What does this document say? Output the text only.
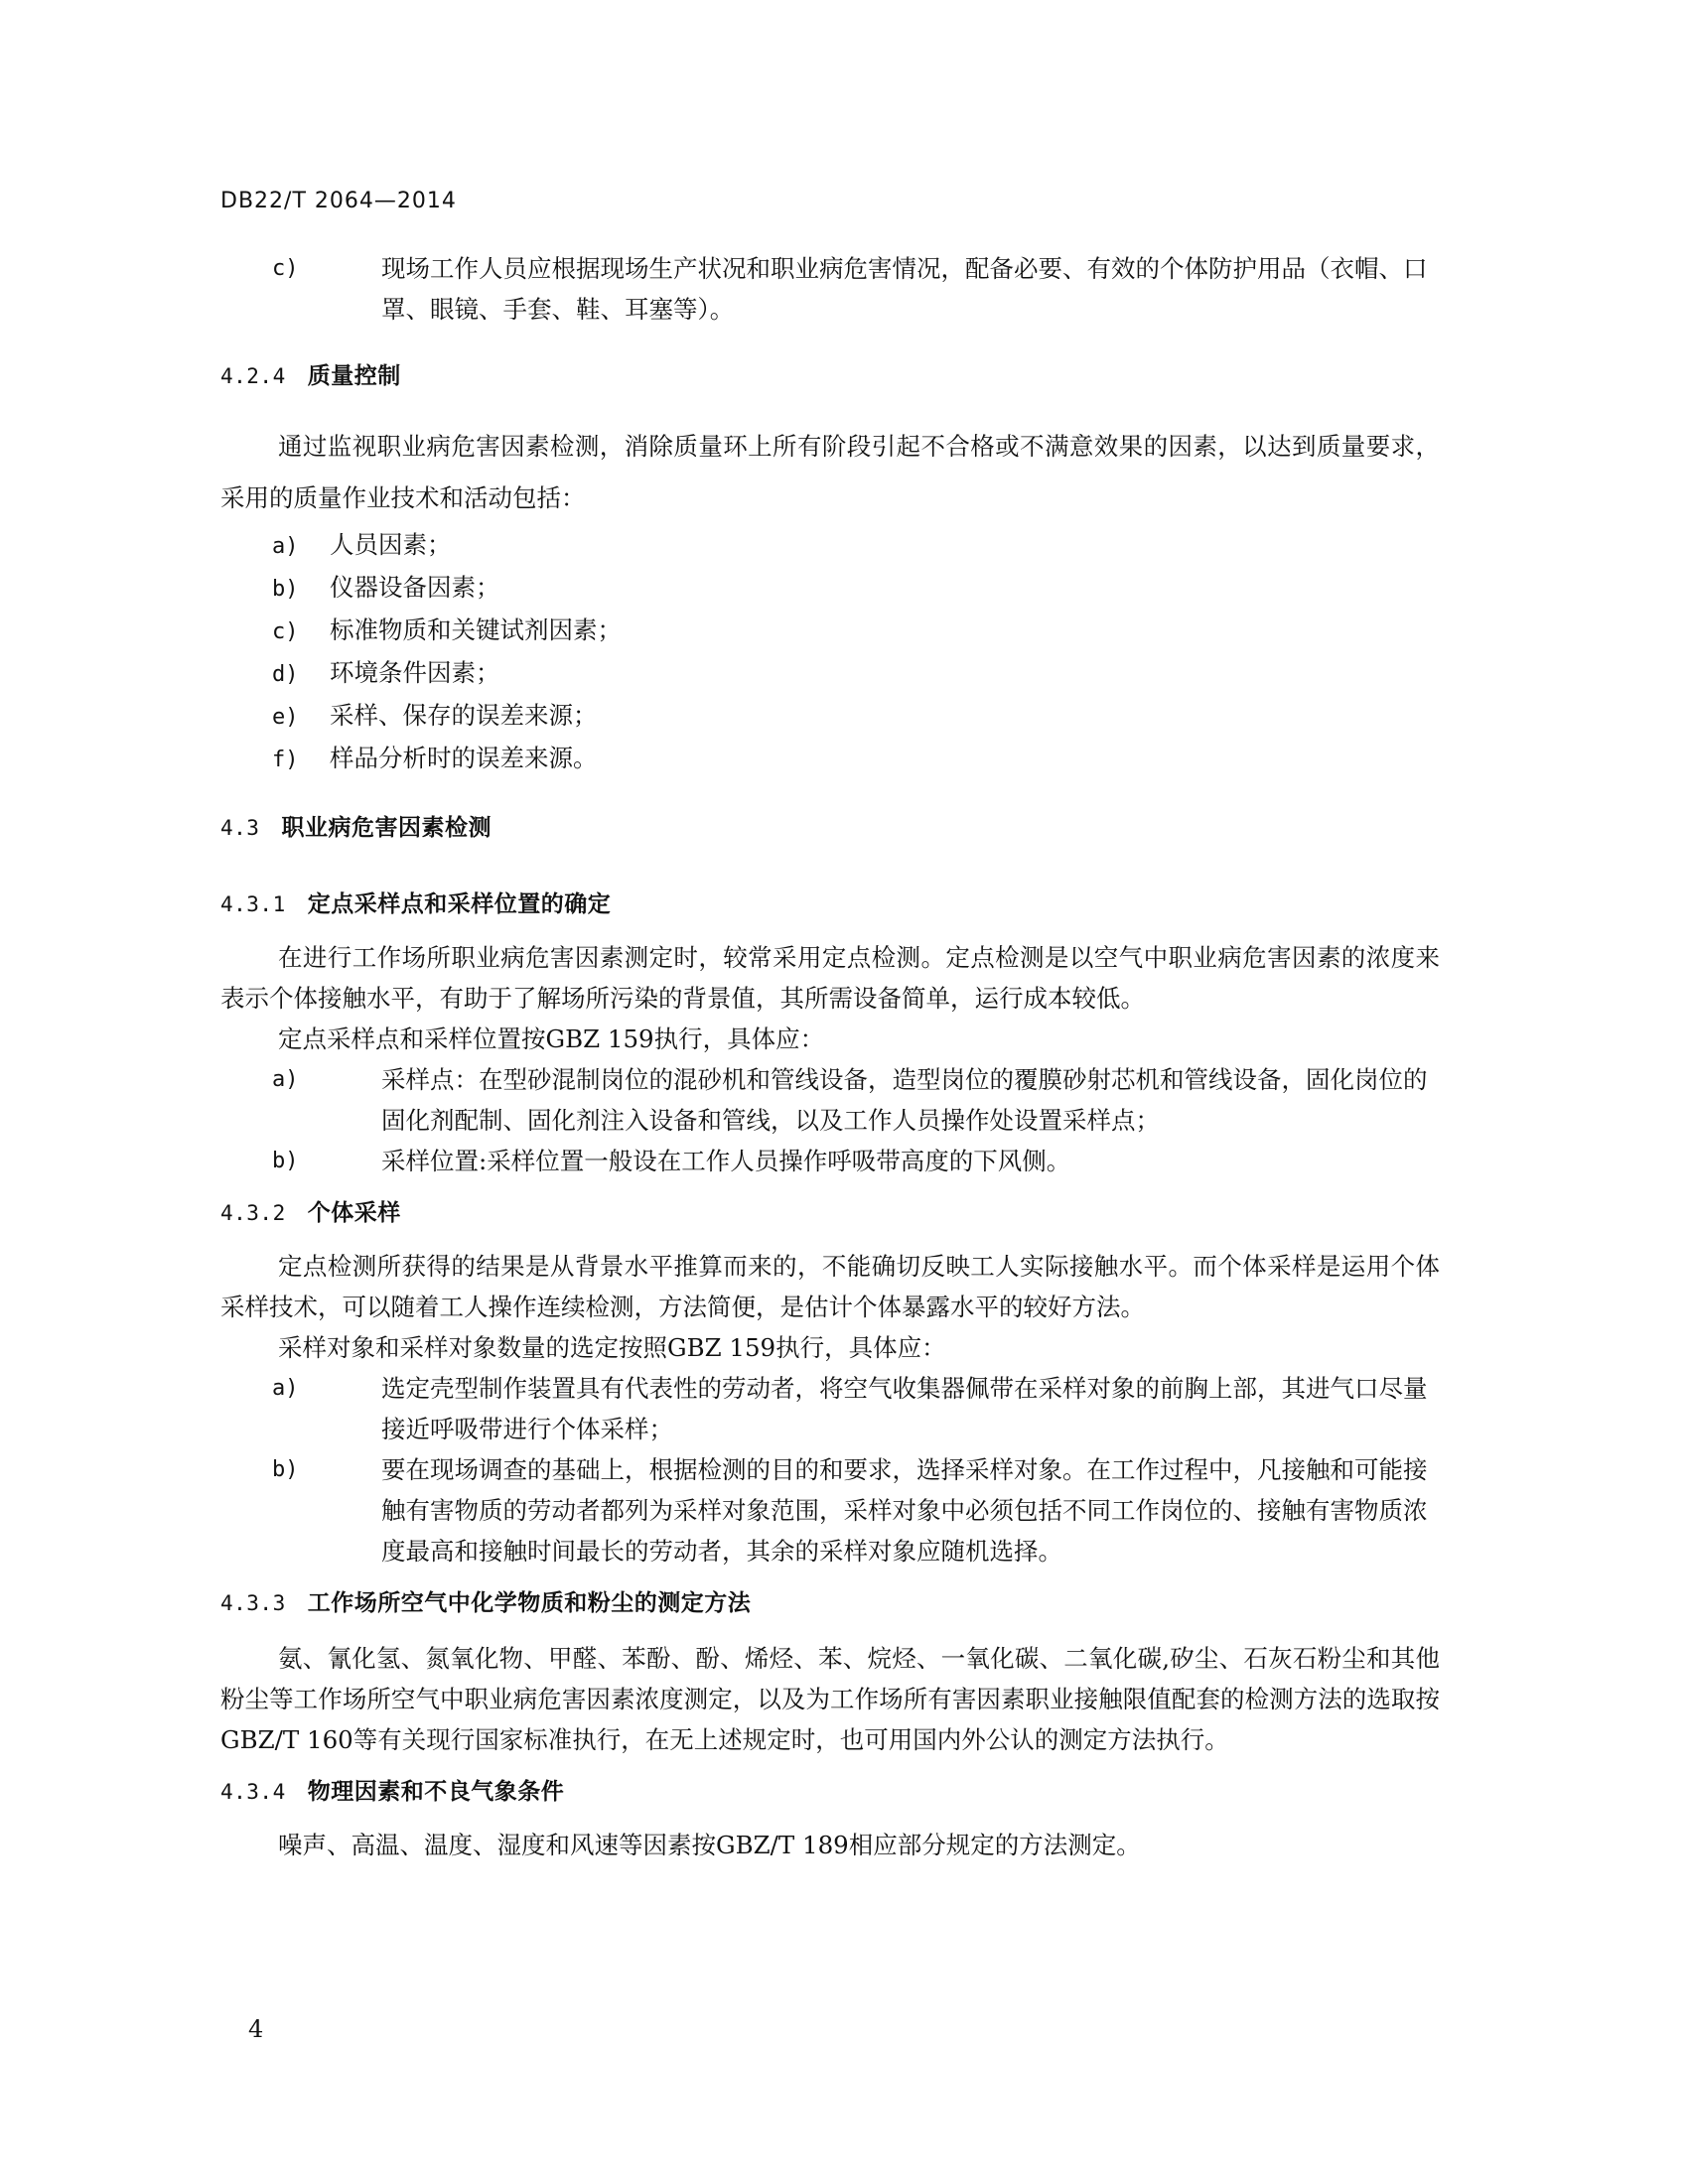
DB22/T 2064—2014
c)	现场工作人员应根据现场生产状况和职业病危害情况，配备必要、有效的个体防护用品（衣帽、口罩、眼镜、手套、鞋、耳塞等）。
4.2.4 质量控制
通过监视职业病危害因素检测，消除质量环上所有阶段引起不合格或不满意效果的因素，以达到质量要求，采用的质量作业技术和活动包括：
a) 人员因素；
b) 仪器设备因素；
c) 标准物质和关键试剂因素；
d) 环境条件因素；
e) 采样、保存的误差来源；
f) 样品分析时的误差来源。
4.3 职业病危害因素检测
4.3.1 定点采样点和采样位置的确定
在进行工作场所职业病危害因素测定时，较常采用定点检测。定点检测是以空气中职业病危害因素的浓度来表示个体接触水平，有助于了解场所污染的背景值，其所需设备简单，运行成本较低。
定点采样点和采样位置按GBZ 159执行，具体应：
a)	采样点：在型砂混制岗位的混砂机和管线设备，造型岗位的覆膜砂射芯机和管线设备，固化岗位的固化剂配制、固化剂注入设备和管线，以及工作人员操作处设置采样点；
b)	采样位置:采样位置一般设在工作人员操作呼吸带高度的下风侧。
4.3.2 个体采样
定点检测所获得的结果是从背景水平推算而来的，不能确切反映工人实际接触水平。而个体采样是运用个体采样技术，可以随着工人操作连续检测，方法简便，是估计个体暴露水平的较好方法。
采样对象和采样对象数量的选定按照GBZ 159执行，具体应：
a)	选定壳型制作装置具有代表性的劳动者，将空气收集器佩带在采样对象的前胸上部，其进气口尽量接近呼吸带进行个体采样；
b)	要在现场调查的基础上，根据检测的目的和要求，选择采样对象。在工作过程中，凡接触和可能接触有害物质的劳动者都列为采样对象范围，采样对象中必须包括不同工作岗位的、接触有害物质浓度最高和接触时间最长的劳动者，其余的采样对象应随机选择。
4.3.3 工作场所空气中化学物质和粉尘的测定方法
氨、氰化氢、氮氧化物、甲醛、苯酚、酚、烯烃、苯、烷烃、一氧化碳、二氧化碳,矽尘、石灰石粉尘和其他粉尘等工作场所空气中职业病危害因素浓度测定，以及为工作场所有害因素职业接触限值配套的检测方法的选取按GBZ/T 160等有关现行国家标准执行，在无上述规定时，也可用国内外公认的测定方法执行。
4.3.4 物理因素和不良气象条件
噪声、高温、温度、湿度和风速等因素按GBZ/T 189相应部分规定的方法测定。
4
